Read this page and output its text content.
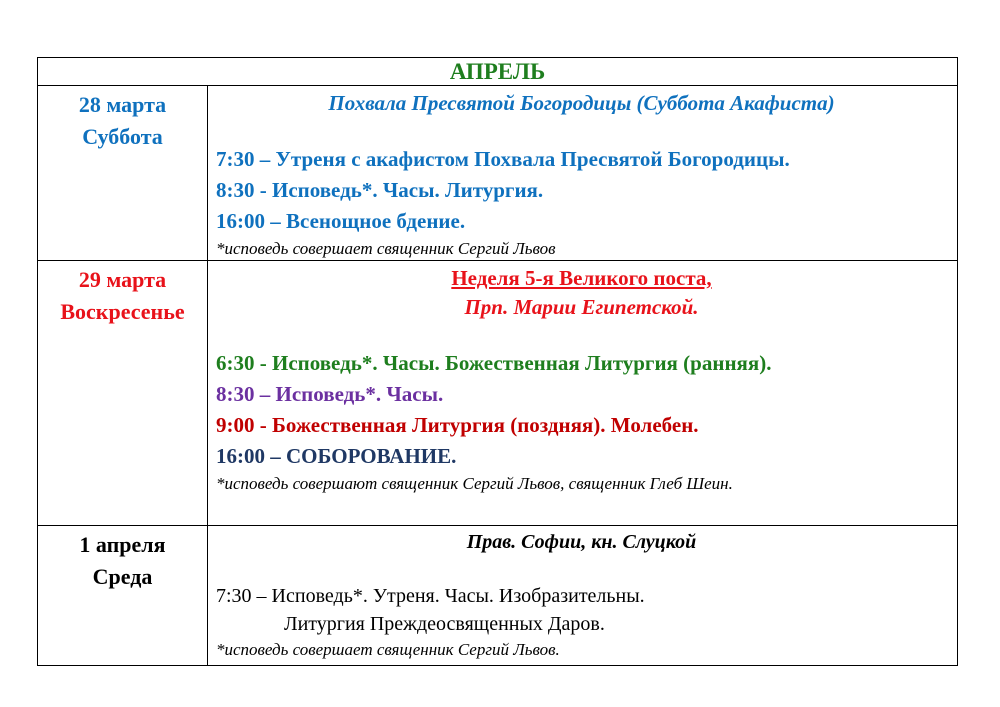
АПРЕЛЬ
28 марта
Суббота
Похвала Пресвятой Богородицы (Суббота Акафиста)
7:30 – Утреня с акафистом Похвала Пресвятой Богородицы.
8:30 - Исповедь*. Часы. Литургия.
16:00 – Всенощное бдение.
*исповедь совершает священник Сергий Львов
29 марта
Воскресенье
Неделя 5-я Великого поста,
Прп. Марии Египетской.
6:30 - Исповедь*. Часы. Божественная Литургия (ранняя).
8:30 – Исповедь*. Часы.
9:00 - Божественная Литургия (поздняя). Молебен.
16:00 – СОБОРОВАНИЕ.
*исповедь совершают священник Сергий Львов, священник Глеб Шеин.
1 апреля
Среда
Прав. Софии, кн. Слуцкой
7:30 – Исповедь*. Утреня. Часы. Изобразительны.
Литургия Преждеосвященных Даров.
*исповедь совершает священник Сергий Львов.
